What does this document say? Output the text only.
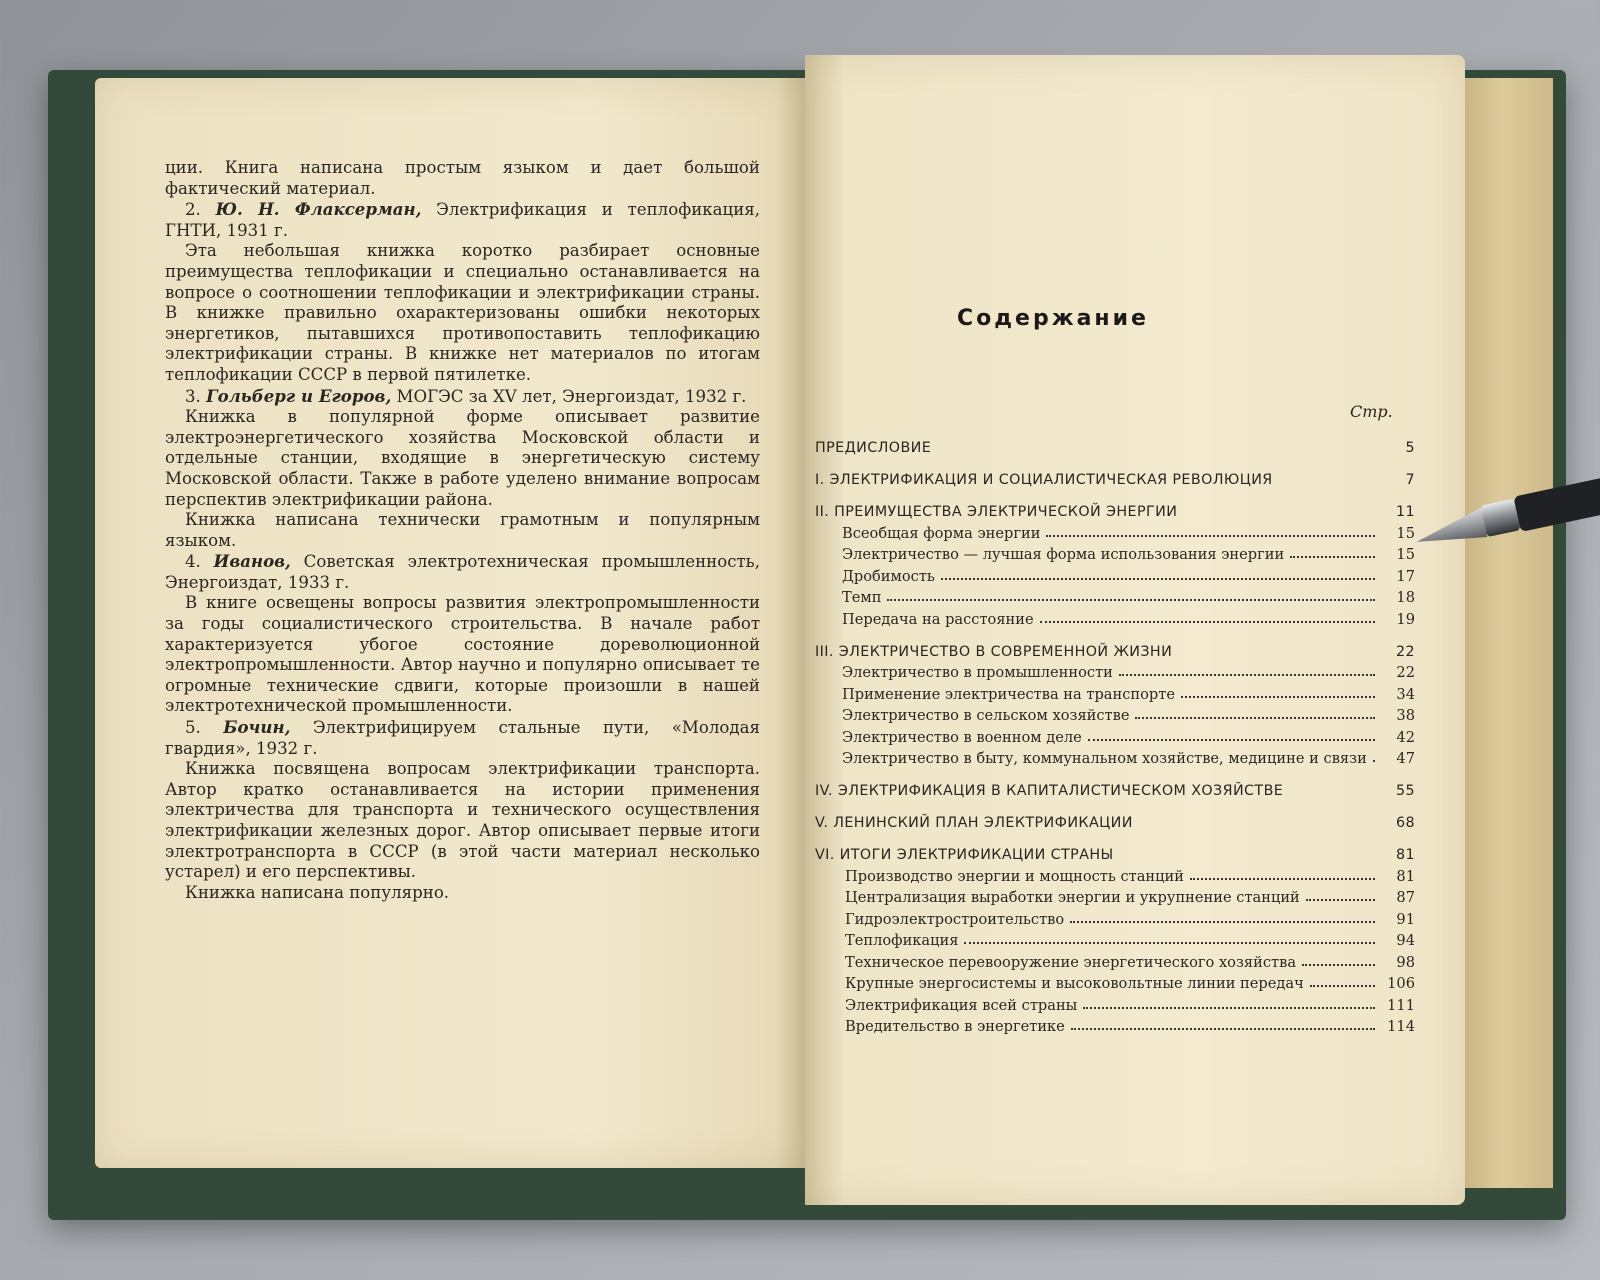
ции. Книга написана простым языком и дает большой фактический материал.

2. Ю. Н. Флаксерман, Электрификация и теплофикация, ГНТИ, 1931 г.

Эта небольшая книжка коротко разбирает основные преимущества теплофикации и специально останавливается на вопросе о соотношении теплофикации и электрификации страны. В книжке правильно охарактеризованы ошибки некоторых энергетиков, пытавшихся противопоставить теплофикацию электрификации страны. В книжке нет материалов по итогам теплофикации СССР в первой пятилетке.

3. Гольберг и Егоров, МОГЭС за XV лет, Энергоиздат, 1932 г.

Книжка в популярной форме описывает развитие электроэнергетического хозяйства Московской области и отдельные станции, входящие в энергетическую систему Московской области. Также в работе уделено внимание вопросам перспектив электрификации района.

Книжка написана технически грамотным и популярным языком.

4. Иванов, Советская электротехническая промышленность, Энергоиздат, 1933 г.

В книге освещены вопросы развития электропромышленности за годы социалистического строительства. В начале работ характеризуется убогое состояние дореволюционной электропромышленности. Автор научно и популярно описывает те огромные технические сдвиги, которые произошли в нашей электротехнической промышленности.

5. Бочин, Электрифицируем стальные пути, «Молодая гвардия», 1932 г.

Книжка посвящена вопросам электрификации транспорта. Автор кратко останавливается на истории применения электричества для транспорта и технического осуществления электрификации железных дорог. Автор описывает первые итоги электротранспорта в СССР (в этой части материал несколько устарел) и его перспективы.

Книжка написана популярно.

Содержание
Стр.
ПРЕДИСЛОВИЕ	5
I. ЭЛЕКТРИФИКАЦИЯ И СОЦИАЛИСТИЧЕСКАЯ РЕВОЛЮЦИЯ	7
II. ПРЕИМУЩЕСТВА ЭЛЕКТРИЧЕСКОЙ ЭНЕРГИИ	11
Всеобщая форма энергии	15
Электричество — лучшая форма использования энергии	15
Дробимость	17
Темп	18
Передача на расстояние	19
III. ЭЛЕКТРИЧЕСТВО В СОВРЕМЕННОЙ ЖИЗНИ	22
Электричество в промышленности	22
Применение электричества на транспорте	34
Электричество в сельском хозяйстве	38
Электричество в военном деле	42
Электричество в быту, коммунальном хозяйстве, медицине и связи	47
IV. ЭЛЕКТРИФИКАЦИЯ В КАПИТАЛИСТИЧЕСКОМ ХОЗЯЙСТВЕ	55
V. ЛЕНИНСКИЙ ПЛАН ЭЛЕКТРИФИКАЦИИ	68
VI. ИТОГИ ЭЛЕКТРИФИКАЦИИ СТРАНЫ	81
Производство энергии и мощность станций	81
Централизация выработки энергии и укрупнение станций	87
Гидроэлектростроительство	91
Теплофикация	94
Техническое перевооружение энергетического хозяйства	98
Крупные энергосистемы и высоковольтные линии передач	106
Электрификация всей страны	111
Вредительство в энергетике	114
